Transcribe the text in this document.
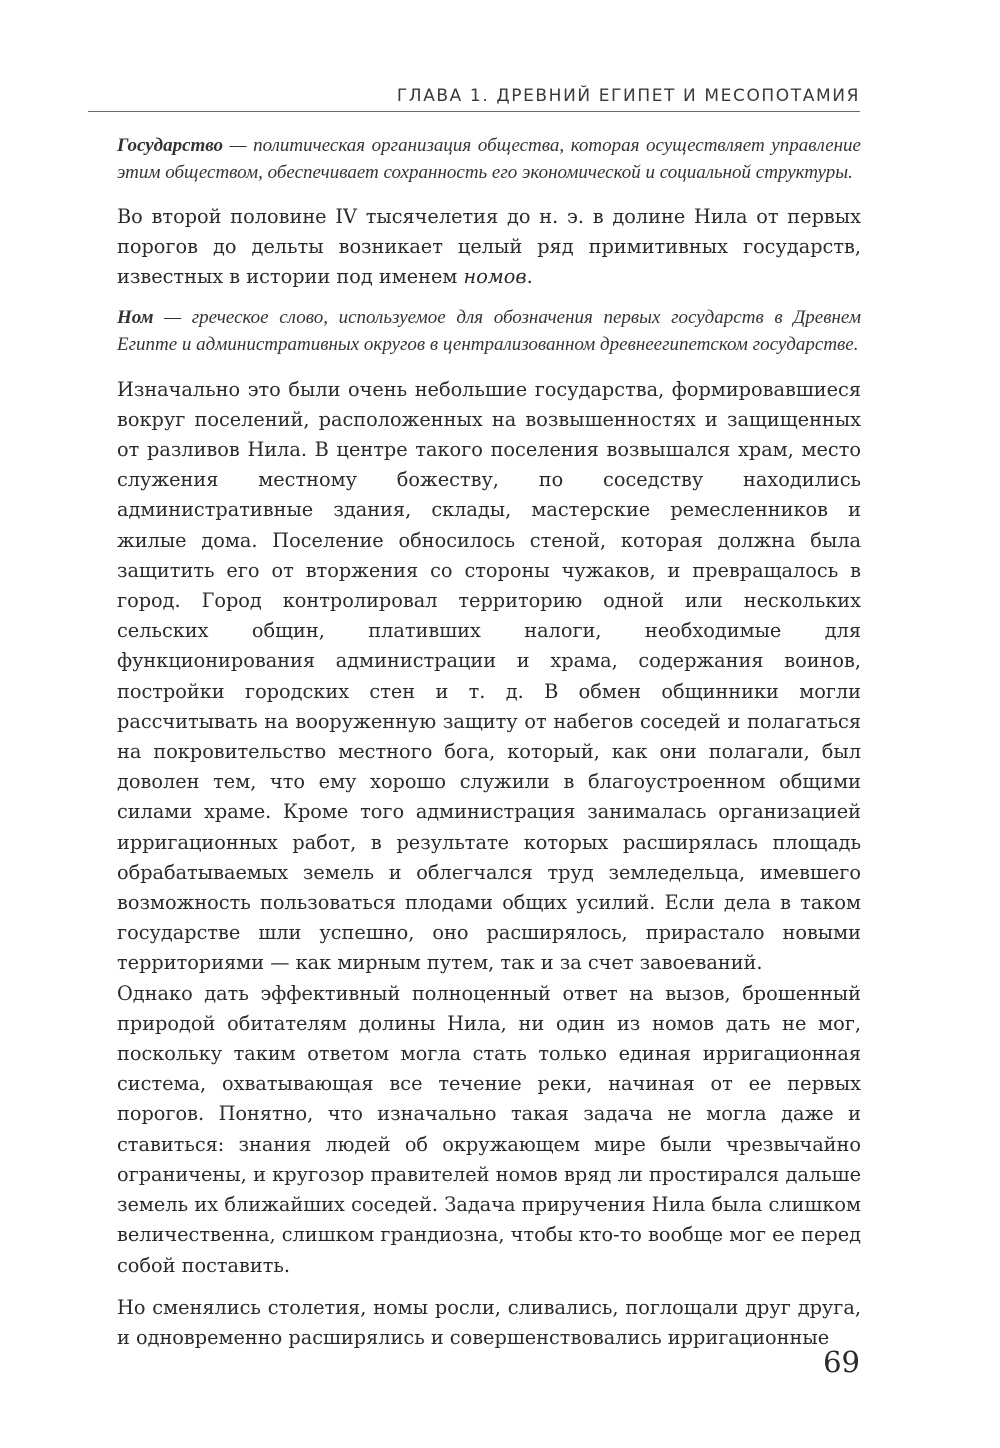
ГЛАВА 1. ДРЕВНИЙ ЕГИПЕТ И МЕСОПОТАМИЯ

Государство — политическая организация общества, которая осуществляет управление этим обществом, обеспечивает сохранность его экономической и социальной структуры.

Во второй половине IV тысячелетия до н. э. в долине Нила от первых порогов до дельты возникает целый ряд примитивных государств, известных в истории под именем номов.

Ном — греческое слово, используемое для обозначения первых государств в Древнем Египте и административных округов в централизованном древнеегипетском государстве.

Изначально это были очень небольшие государства, формировавшиеся вокруг поселений, расположенных на возвышенностях и защищенных от разливов Нила. В центре такого поселения возвышался храм, место служения местному божеству, по соседству находились административные здания, склады, мастерские ремесленников и жилые дома. Поселение обносилось стеной, которая должна была защитить его от вторжения со стороны чужаков, и превращалось в город. Город контролировал территорию одной или нескольких сельских общин, плативших налоги, необходимые для функционирования администрации и храма, содержания воинов, постройки городских стен и т. д. В обмен общинники могли рассчитывать на вооруженную защиту от набегов соседей и полагаться на покровительство местного бога, который, как они полагали, был доволен тем, что ему хорошо служили в благоустроенном общими силами храме. Кроме того администрация занималась организацией ирригационных работ, в результате которых расширялась площадь обрабатываемых земель и облегчался труд земледельца, имевшего возможность пользоваться плодами общих усилий. Если дела в таком государстве шли успешно, оно расширялось, прирастало новыми территориями — как мирным путем, так и за счет завоеваний.

Однако дать эффективный полноценный ответ на вызов, брошенный природой обитателям долины Нила, ни один из номов дать не мог, поскольку таким ответом могла стать только единая ирригационная система, охватывающая все течение реки, начиная от ее первых порогов. Понятно, что изначально такая задача не могла даже и ставиться: знания людей об окружающем мире были чрезвычайно ограничены, и кругозор правителей номов вряд ли простирался дальше земель их ближайших соседей. Задача приручения Нила была слишком величественна, слишком грандиозна, чтобы кто-то вообще мог ее перед собой поставить.

Но сменялись столетия, номы росли, сливались, поглощали друг друга, и одновременно расширялись и совершенствовались ирригационные

69
